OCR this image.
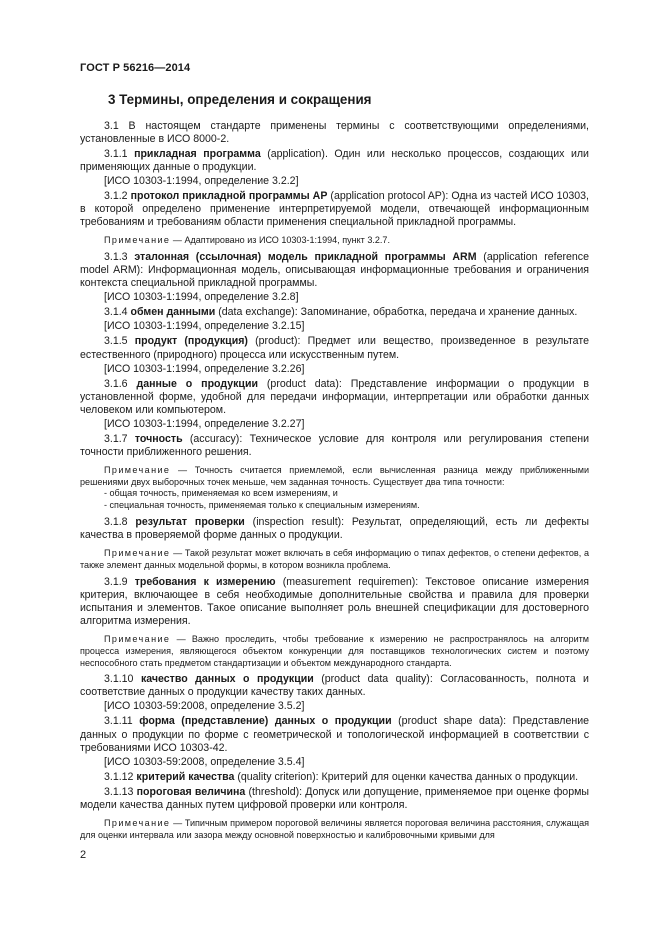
ГОСТ Р 56216—2014
3 Термины, определения и сокращения
3.1 В настоящем стандарте применены термины с соответствующими определениями, установленные в ИСО 8000-2.
3.1.1 прикладная программа (application). Один или несколько процессов, создающих или применяющих данные о продукции.
[ИСО 10303-1:1994, определение 3.2.2]
3.1.2 протокол прикладной программы АР (application protocol AP): Одна из частей ИСО 10303, в которой определено применение интерпретируемой модели, отвечающей информационным требованиям и требованиям области применения специальной прикладной программы.
Примечание — Адаптировано из ИСО 10303-1:1994, пункт 3.2.7.
3.1.3 эталонная (ссылочная) модель прикладной программы ARM (application reference model ARM): Информационная модель, описывающая информационные требования и ограничения контекста специальной прикладной программы.
[ИСО 10303-1:1994, определение 3.2.8]
3.1.4 обмен данными (data exchange): Запоминание, обработка, передача и хранение данных.
[ИСО 10303-1:1994, определение 3.2.15]
3.1.5 продукт (продукция) (product): Предмет или вещество, произведенное в результате естественного (природного) процесса или искусственным путем.
[ИСО 10303-1:1994, определение 3.2.26]
3.1.6 данные о продукции (product data): Представление информации о продукции в установленной форме, удобной для передачи информации, интерпретации или обработки данных человеком или компьютером.
[ИСО 10303-1:1994, определение 3.2.27]
3.1.7 точность (accuracy): Техническое условие для контроля или регулирования степени точности приближенного решения.
Примечание — Точность считается приемлемой, если вычисленная разница между приближенными решениями двух выборочных точек меньше, чем заданная точность. Существует два типа точности:
- общая точность, применяемая ко всем измерениям, и
- специальная точность, применяемая только к специальным измерениям.
3.1.8 результат проверки (inspection result): Результат, определяющий, есть ли дефекты качества в проверяемой форме данных о продукции.
Примечание — Такой результат может включать в себя информацию о типах дефектов, о степени дефектов, а также элемент данных модельной формы, в котором возникла проблема.
3.1.9 требования к измерению (measurement requiremen): Текстовое описание измерения критерия, включающее в себя необходимые дополнительные свойства и правила для проверки испытания и элементов. Такое описание выполняет роль внешней спецификации для достоверного алгоритма измерения.
Примечание — Важно проследить, чтобы требование к измерению не распространялось на алгоритм процесса измерения, являющегося объектом конкуренции для поставщиков технологических систем и поэтому неспособного стать предметом стандартизации и объектом международного стандарта.
3.1.10 качество данных о продукции (product data quality): Согласованность, полнота и соответствие данных о продукции качеству таких данных.
[ИСО 10303-59:2008, определение 3.5.2]
3.1.11 форма (представление) данных о продукции (product shape data): Представление данных о продукции по форме с геометрической и топологической информацией в соответствии с требованиями ИСО 10303-42.
[ИСО 10303-59:2008, определение 3.5.4]
3.1.12 критерий качества (quality criterion): Критерий для оценки качества данных о продукции.
3.1.13 пороговая величина (threshold): Допуск или допущение, применяемое при оценке формы модели качества данных путем цифровой проверки или контроля.
Примечание — Типичным примером пороговой величины является пороговая величина расстояния, служащая для оценки интервала или зазора между основной поверхностью и калибровочными кривыми для
2
